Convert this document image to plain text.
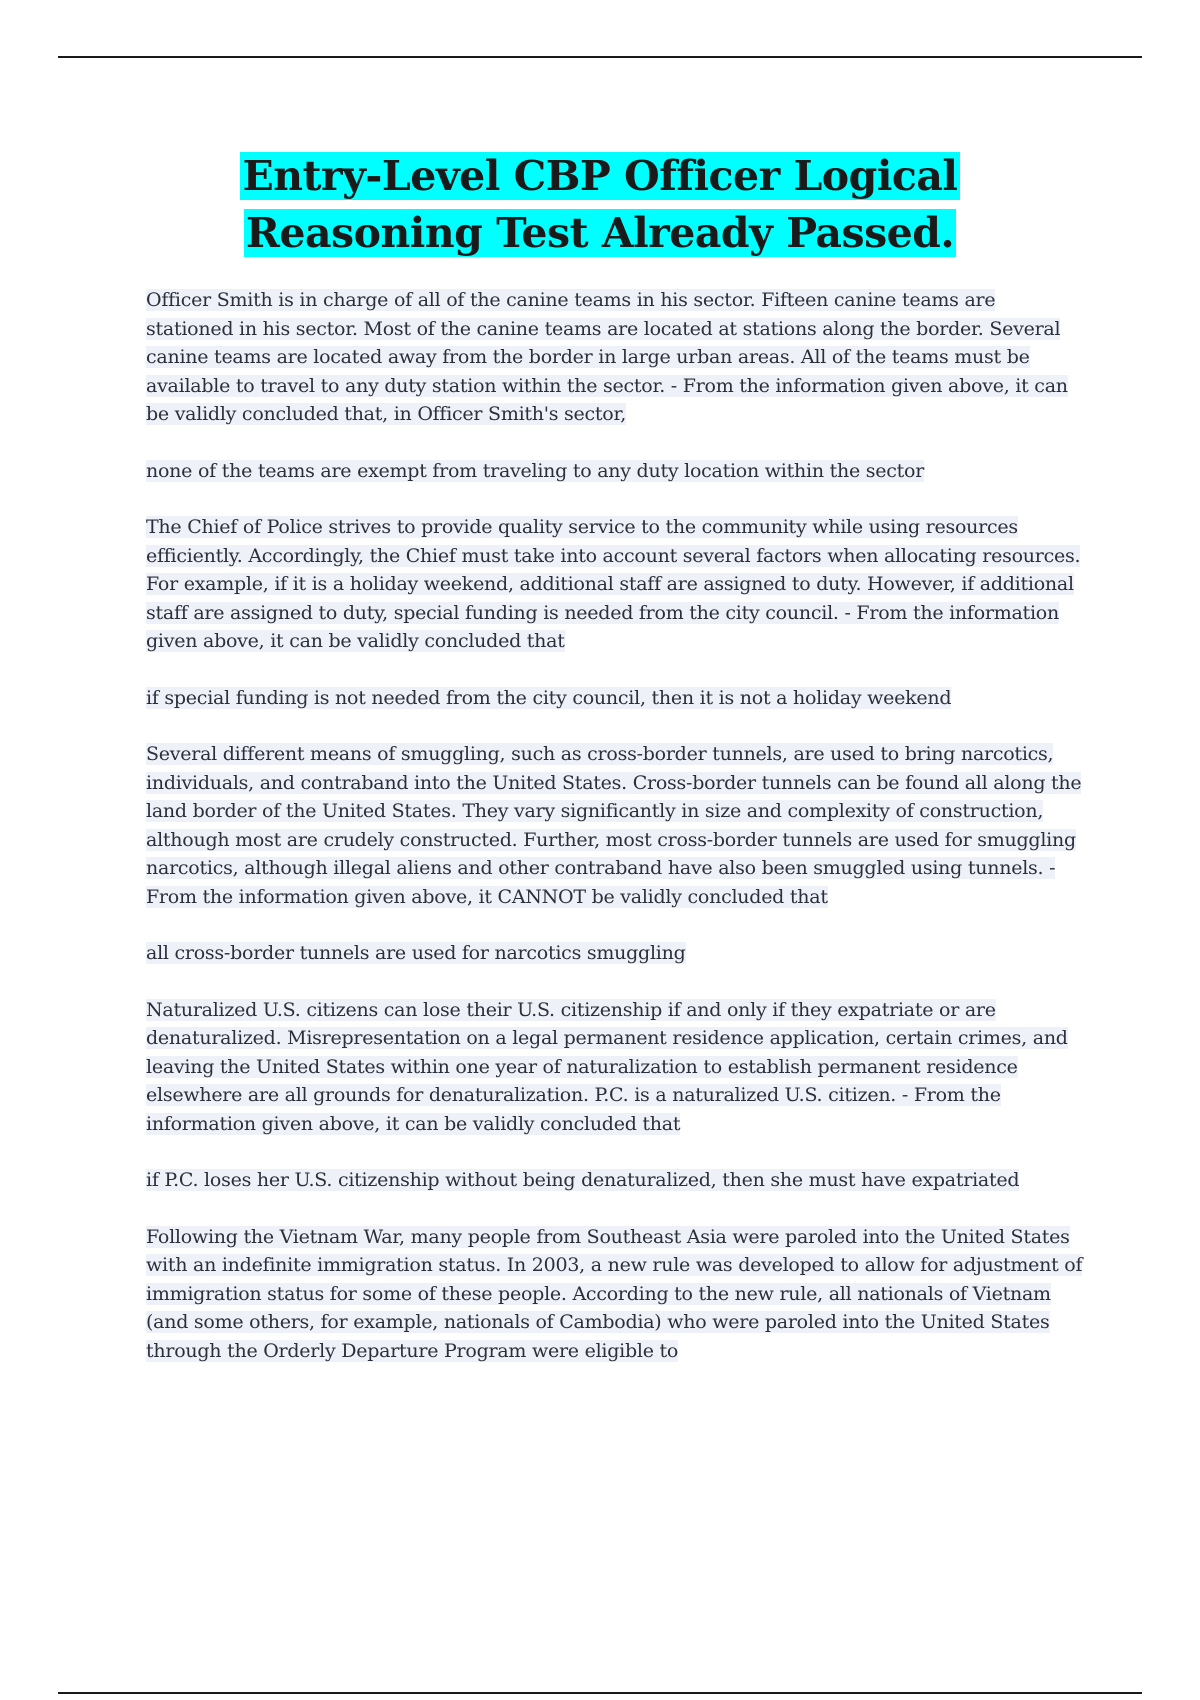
Entry-Level CBP Officer Logical Reasoning Test Already Passed.

Officer Smith is in charge of all of the canine teams in his sector. Fifteen canine teams are stationed in his sector. Most of the canine teams are located at stations along the border. Several canine teams are located away from the border in large urban areas. All of the teams must be available to travel to any duty station within the sector. - From the information given above, it can be validly concluded that, in Officer Smith's sector,

none of the teams are exempt from traveling to any duty location within the sector

The Chief of Police strives to provide quality service to the community while using resources efficiently. Accordingly, the Chief must take into account several factors when allocating resources. For example, if it is a holiday weekend, additional staff are assigned to duty. However, if additional staff are assigned to duty, special funding is needed from the city council. - From the information given above, it can be validly concluded that

if special funding is not needed from the city council, then it is not a holiday weekend

Several different means of smuggling, such as cross-border tunnels, are used to bring narcotics, individuals, and contraband into the United States. Cross-border tunnels can be found all along the land border of the United States. They vary significantly in size and complexity of construction, although most are crudely constructed. Further, most cross-border tunnels are used for smuggling narcotics, although illegal aliens and other contraband have also been smuggled using tunnels. - From the information given above, it CANNOT be validly concluded that

all cross-border tunnels are used for narcotics smuggling

Naturalized U.S. citizens can lose their U.S. citizenship if and only if they expatriate or are denaturalized. Misrepresentation on a legal permanent residence application, certain crimes, and leaving the United States within one year of naturalization to establish permanent residence elsewhere are all grounds for denaturalization. P.C. is a naturalized U.S. citizen. - From the information given above, it can be validly concluded that

if P.C. loses her U.S. citizenship without being denaturalized, then she must have expatriated

Following the Vietnam War, many people from Southeast Asia were paroled into the United States with an indefinite immigration status. In 2003, a new rule was developed to allow for adjustment of immigration status for some of these people. According to the new rule, all nationals of Vietnam (and some others, for example, nationals of Cambodia) who were paroled into the United States through the Orderly Departure Program were eligible to
